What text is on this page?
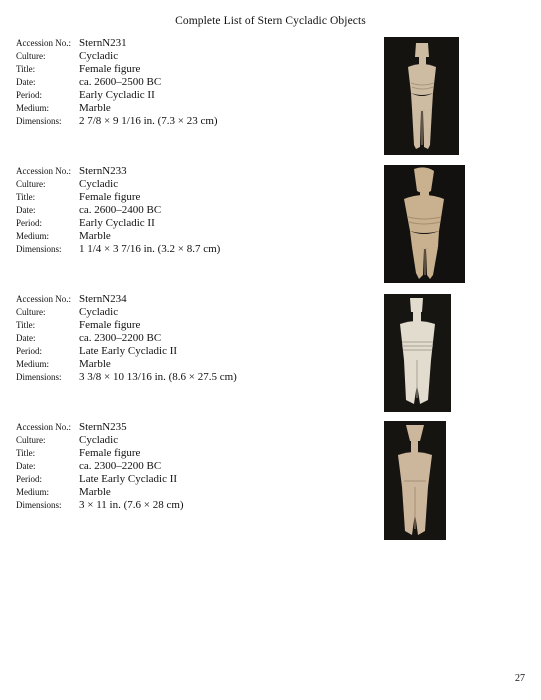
Complete List of Stern Cycladic Objects
Accession No.: SternN231
Culture:	Cycladic
Title:	Female figure
Date:	ca. 2600–2500 BC
Period:	Early Cycladic II
Medium:	Marble
Dimensions: 2 7/8 × 9 1/16 in. (7.3 × 23 cm)
Accession No.: SternN233
Culture:	Cycladic
Title:	Female figure
Date:	ca. 2600–2400 BC
Period:	Early Cycladic II
Medium:	Marble
Dimensions: 1 1/4 × 3 7/16 in. (3.2 × 8.7 cm)
Accession No.: SternN234
Culture:	Cycladic
Title:	Female figure
Date:	ca. 2300–2200 BC
Period:	Late Early Cycladic II
Medium:	Marble
Dimensions: 3 3/8 × 10 13/16 in. (8.6 × 27.5 cm)
Accession No.: SternN235
Culture:	Cycladic
Title:	Female figure
Date:	ca. 2300–2200 BC
Period:	Late Early Cycladic II
Medium:	Marble
Dimensions: 3 × 11 in. (7.6 × 28 cm)
27
